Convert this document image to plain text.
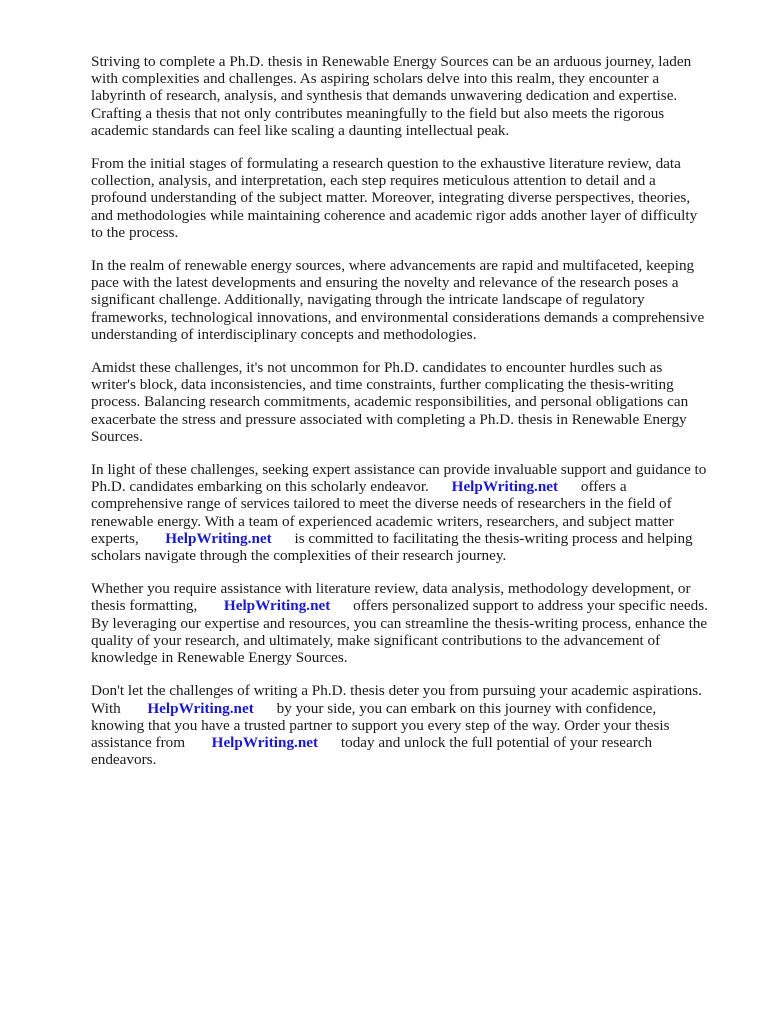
Striving to complete a Ph.D. thesis in Renewable Energy Sources can be an arduous journey, laden
with complexities and challenges. As aspiring scholars delve into this realm, they encounter a
labyrinth of research, analysis, and synthesis that demands unwavering dedication and expertise.
Crafting a thesis that not only contributes meaningfully to the field but also meets the rigorous
academic standards can feel like scaling a daunting intellectual peak.

From the initial stages of formulating a research question to the exhaustive literature review, data
collection, analysis, and interpretation, each step requires meticulous attention to detail and a
profound understanding of the subject matter. Moreover, integrating diverse perspectives, theories,
and methodologies while maintaining coherence and academic rigor adds another layer of difficulty
to the process.

In the realm of renewable energy sources, where advancements are rapid and multifaceted, keeping
pace with the latest developments and ensuring the novelty and relevance of the research poses a
significant challenge. Additionally, navigating through the intricate landscape of regulatory
frameworks, technological innovations, and environmental considerations demands a comprehensive
understanding of interdisciplinary concepts and methodologies.

Amidst these challenges, it's not uncommon for Ph.D. candidates to encounter hurdles such as
writer's block, data inconsistencies, and time constraints, further complicating the thesis-writing
process. Balancing research commitments, academic responsibilities, and personal obligations can
exacerbate the stress and pressure associated with completing a Ph.D. thesis in Renewable Energy
Sources.

In light of these challenges, seeking expert assistance can provide invaluable support and guidance to
Ph.D. candidates embarking on this scholarly endeavor.      HelpWriting.net      offers a
comprehensive range of services tailored to meet the diverse needs of researchers in the field of
renewable energy. With a team of experienced academic writers, researchers, and subject matter
experts,       HelpWriting.net      is committed to facilitating the thesis-writing process and helping
scholars navigate through the complexities of their research journey.

Whether you require assistance with literature review, data analysis, methodology development, or
thesis formatting,       HelpWriting.net      offers personalized support to address your specific needs.
By leveraging our expertise and resources, you can streamline the thesis-writing process, enhance the
quality of your research, and ultimately, make significant contributions to the advancement of
knowledge in Renewable Energy Sources.

Don't let the challenges of writing a Ph.D. thesis deter you from pursuing your academic aspirations.
With       HelpWriting.net      by your side, you can embark on this journey with confidence,
knowing that you have a trusted partner to support you every step of the way. Order your thesis
assistance from       HelpWriting.net      today and unlock the full potential of your research
endeavors.
